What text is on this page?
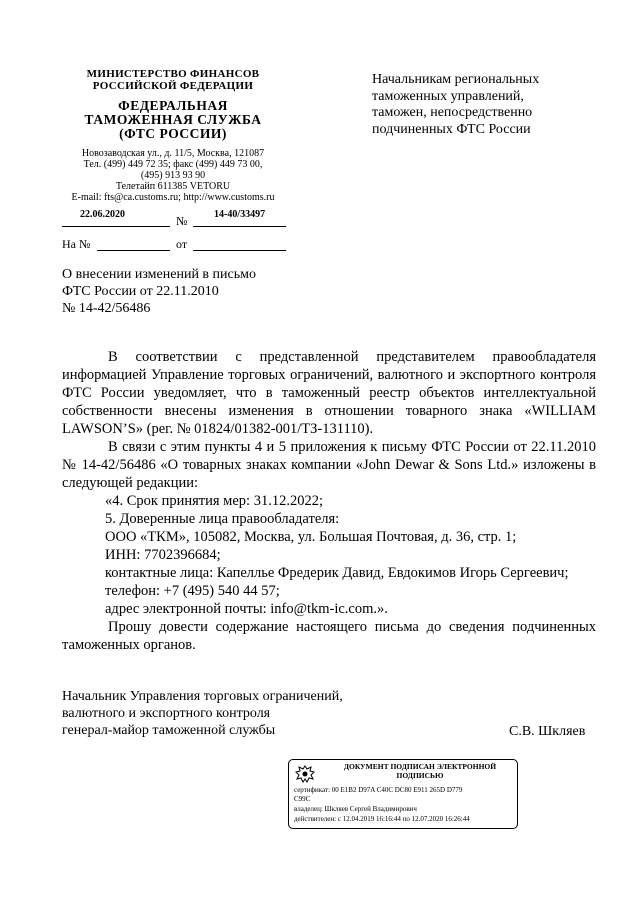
МИНИСТЕРСТВО ФИНАНСОВ
РОССИЙСКОЙ ФЕДЕРАЦИИ
ФЕДЕРАЛЬНАЯ
ТАМОЖЕННАЯ СЛУЖБА
(ФТС РОССИИ)
Новозаводская ул., д. 11/5, Москва, 121087
Тел. (499) 449 72 35; факс (499) 449 73 00,
(495) 913 93 90
Телетайп 611385 VETORU
E-mail: fts@ca.customs.ru; http://www.customs.ru
22.06.2020	№	14-40/33497
На №	от
Начальникам региональных
таможенных управлений,
таможен, непосредственно
подчиненных ФТС России
О внесении изменений в письмо
ФТС России от 22.11.2010
№ 14-42/56486

В соответствии с представленной представителем правообладателя информацией Управление торговых ограничений, валютного и экспортного контроля ФТС России уведомляет, что в таможенный реестр объектов интеллектуальной собственности внесены изменения в отношении товарного знака «WILLIAM LAWSON’S» (рег. № 01824/01382-001/ТЗ-131110).

В связи с этим пункты 4 и 5 приложения к письму ФТС России от 22.11.2010 № 14-42/56486 «О товарных знаках компании «John Dewar & Sons Ltd.» изложены в следующей редакции:

«4. Срок принятия мер: 31.12.2022;

5. Доверенные лица правообладателя:

ООО «ТКМ», 105082, Москва, ул. Большая Почтовая, д. 36, стр. 1;

ИНН: 7702396684;

контактные лица: Капеллье Фредерик Давид, Евдокимов Игорь Сергеевич;

телефон: +7 (495) 540 44 57;

адрес электронной почты: info@tkm-ic.com.».

Прошу довести содержание настоящего письма до сведения подчиненных таможенных органов.

Начальник Управления торговых ограничений,
валютного и экспортного контроля
генерал-майор таможенной службы	С.В. Шкляев
ДОКУМЕНТ ПОДПИСАН ЭЛЕКТРОННОЙ
ПОДПИСЬЮ
сертификат: 00 E1B2 D97A C40C DC80 E911 265D D779
C99C
владелец: Шкляев Сергей Владимирович
действителен: с 12.04.2019 16:16:44 по 12.07.2020 16:26:44
